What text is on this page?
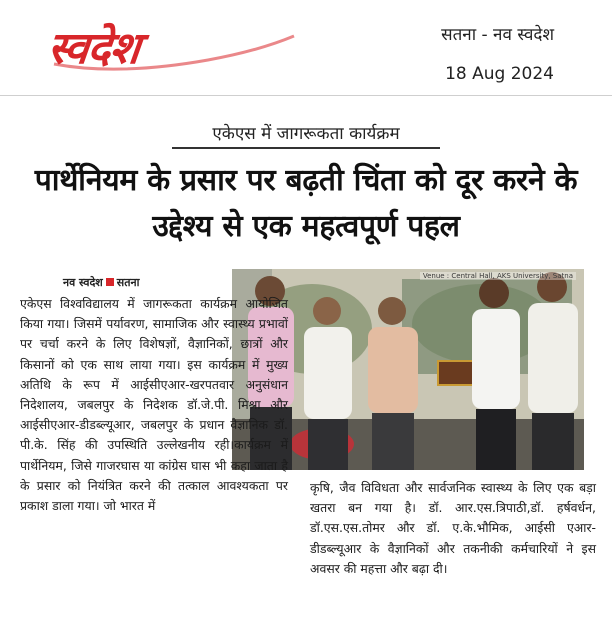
स्वदेश	सतना - नव स्वदेश
18 Aug 2024
एकेएस में जागरूकता कार्यक्रम
पार्थेनियम के प्रसार पर बढ़ती चिंता को दूर करने के उद्देश्य से एक महत्वपूर्ण पहल
नव स्वदेश सतना	Venue : Central Hall, AKS University, Satna
एकेएस विश्वविद्यालय में जागरूकता कार्यक्रम आयोजित किया गया। जिसमें पर्यावरण, सामाजिक और स्वास्थ्य प्रभावों पर चर्चा करने के लिए विशेषज्ञों, वैज्ञानिकों, छात्रों और किसानों को एक साथ लाया गया। इस कार्यक्रम में मुख्य अतिथि के रूप में आईसीएआर-खरपतवार अनुसंधान निदेशालय, जबलपुर के निदेशक डॉ.जे.पी. मिश्रा और आईसीएआर-डीडब्ल्यूआर, जबलपुर के प्रधान वैज्ञानिक डॉ. पी.के. सिंह की उपस्थिति उल्लेखनीय रही।कार्यक्रम में पार्थेनियम, जिसे गाजरघास या कांग्रेस घास भी कहा जाता है के प्रसार को नियंत्रित करने की तत्काल आवश्यकता पर प्रकाश डाला गया। जो भारत में
कृषि, जैव विविधता और सार्वजनिक स्वास्थ्य के लिए एक बड़ा खतरा बन गया है। डॉ. आर.एस.त्रिपाठी,डॉ. हर्षवर्धन, डॉ.एस.एस.तोमर और डॉ. ए.के.भौमिक, आईसी एआर-डीडब्ल्यूआर के वैज्ञानिकों और तकनीकी कर्मचारियों ने इस अवसर की महत्ता और बढ़ा दी।
